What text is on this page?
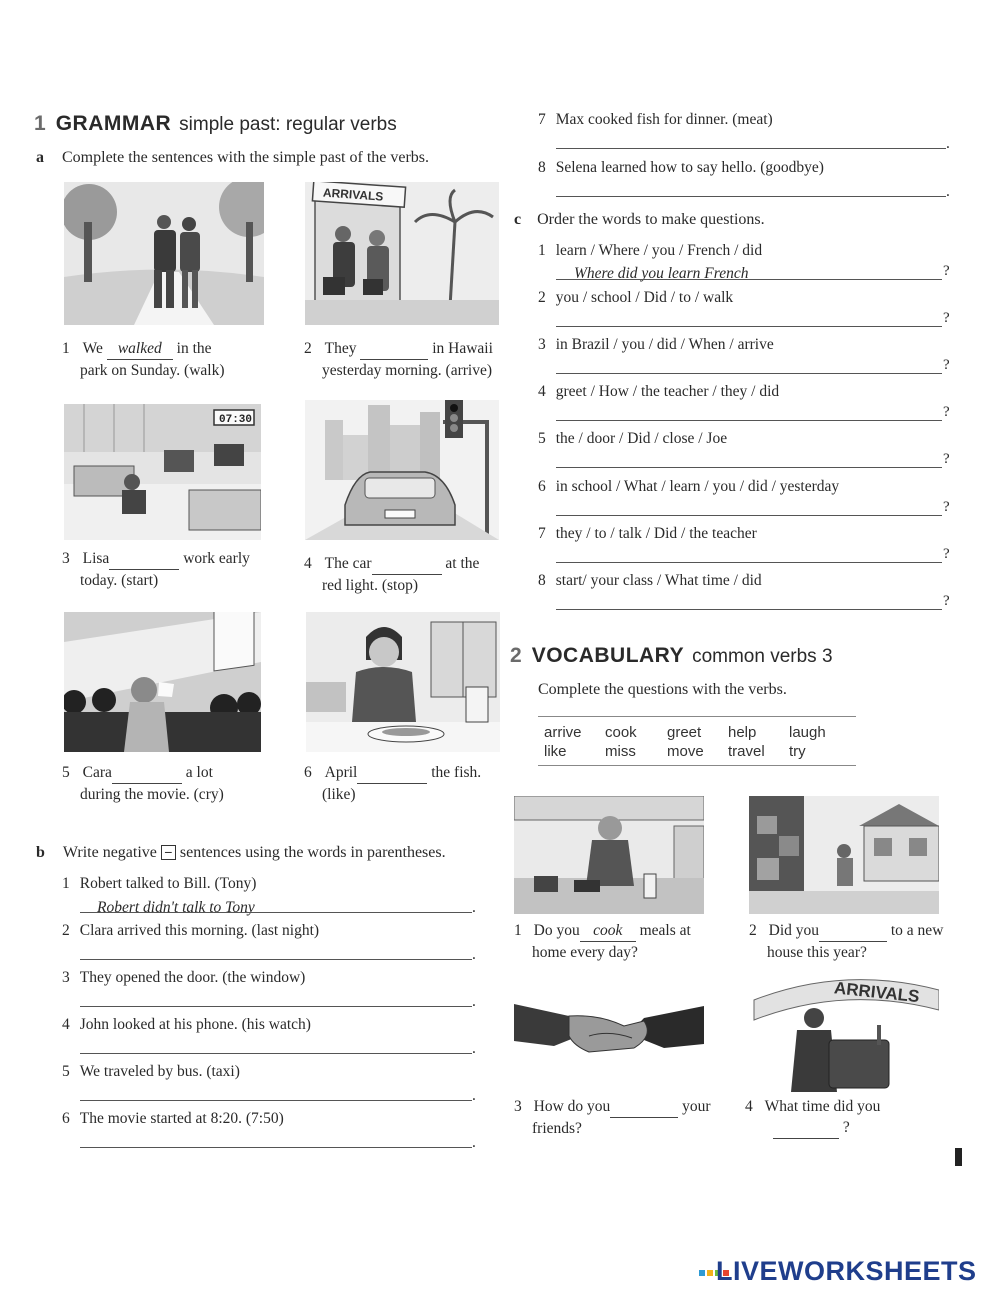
1 GRAMMAR simple past: regular verbs
a Complete the sentences with the simple past of the verbs.
ARRIVALS
1 We walked in the
park on Sunday. (walk)
2 They	in Hawaii
yesterday morning. (arrive)
07:30
3 Lisa	work early
today. (start)
4 The car	at the
red light. (stop)
5 Cara	a lot
during the movie. (cry)
6 April	the fish.
(like)
b Write negative − sentences using the words in parentheses.
1 Robert talked to Bill. (Tony)
Robert didn't talk to Tony	.
2 Clara arrived this morning. (last night)
.
3 They opened the door. (the window)
.
4 John looked at his phone. (his watch)
.
5 We traveled by bus. (taxi)
.
6 The movie started at 8:20. (7:50)
.
7 Max cooked fish for dinner. (meat)
.
8 Selena learned how to say hello. (goodbye)
.
c Order the words to make questions.
1 learn / Where / you / French / did
Where did you learn French	?
2 you / school / Did / to / walk
?
3 in Brazil / you / did / When / arrive
?
4 greet / How / the teacher / they / did
?
5 the / door / Did / close / Joe
?
6 in school / What / learn / you / did / yesterday
?
7 they / to / talk / Did / the teacher
?
8 start/ your class / What time / did
?
2 VOCABULARY common verbs 3
Complete the questions with the verbs.
arrive cook greet help laugh
like	miss move travel try
1 Do you cook meals at
home every day?
2 Did you	to a new
house this year?
ARRIVALS
3 How do you	your
friends?
4 What time did you
?
LIVEWORKSHEETS
